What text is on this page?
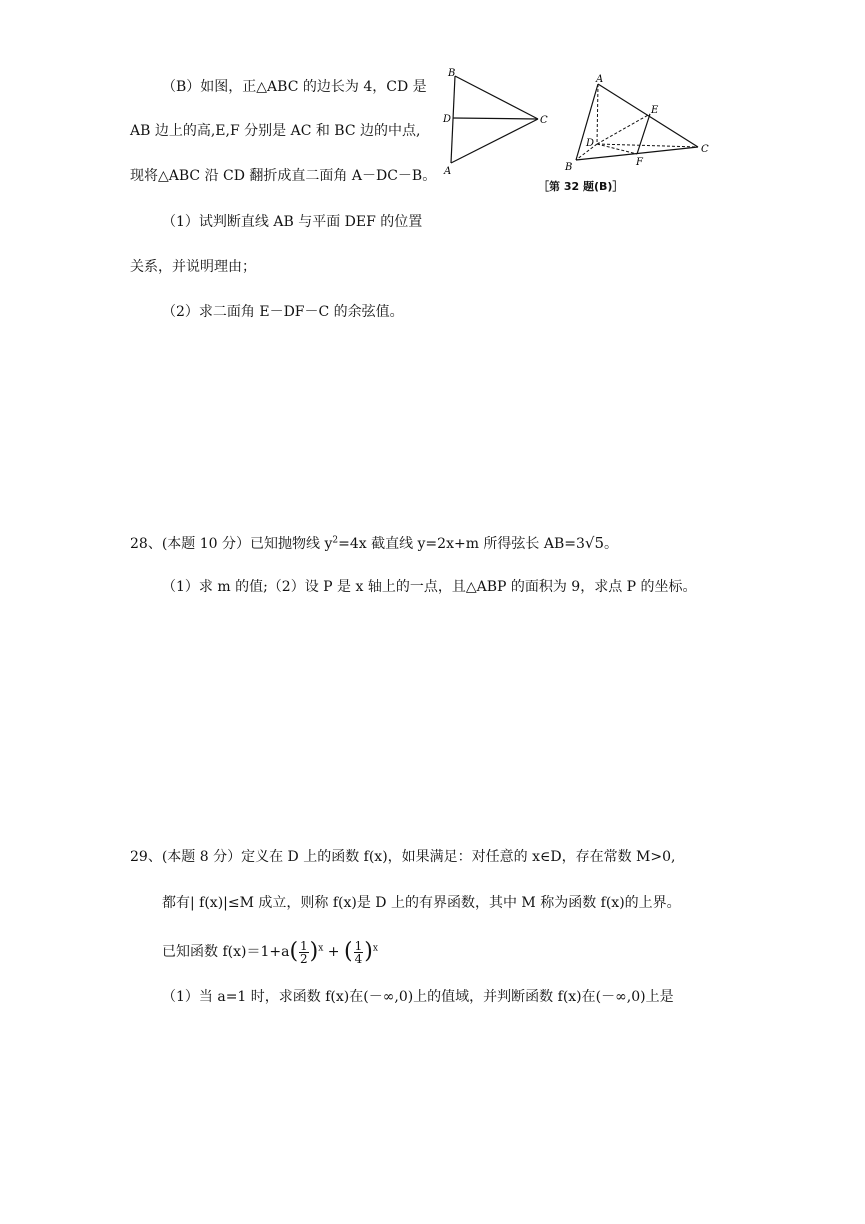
（B）如图，正△ABC 的边长为 4，CD 是
AB 边上的高,E,F 分别是 AC 和 BC 边的中点,
现将△ABC 沿 CD 翻折成直二面角 A－DC－B。
（1）试判断直线 AB 与平面 DEF 的位置
关系，并说明理由；
（2）求二面角 E－DF－C 的余弦值。
B
D	C
A
A
E
D
B	F
C
［第 32 题(B)］
28、(本题 10 分）已知抛物线 $y^2=4x$ 截直线 y=2x+m 所得弦长 AB=3√5。
（1）求 m 的值;（2）设 P 是 x 轴上的一点，且△ABP 的面积为 9，求点 P 的坐标。
29、(本题 8 分）定义在 D 上的函数 f(x)，如果满足：对任意的 x∈D，存在常数 M>0,
都有| f(x)|≤M 成立，则称 f(x)是 D 上的有界函数，其中 M 称为函数 f(x)的上界。
已知函数 $f(x)=1+a( \frac{1}{2} )^x$ + ( $\frac{1}{4} )^x$
（1）当 a=1 时，求函数 f(x)在(－∞,0)上的值域，并判断函数 f(x)在(－∞,0)上是
